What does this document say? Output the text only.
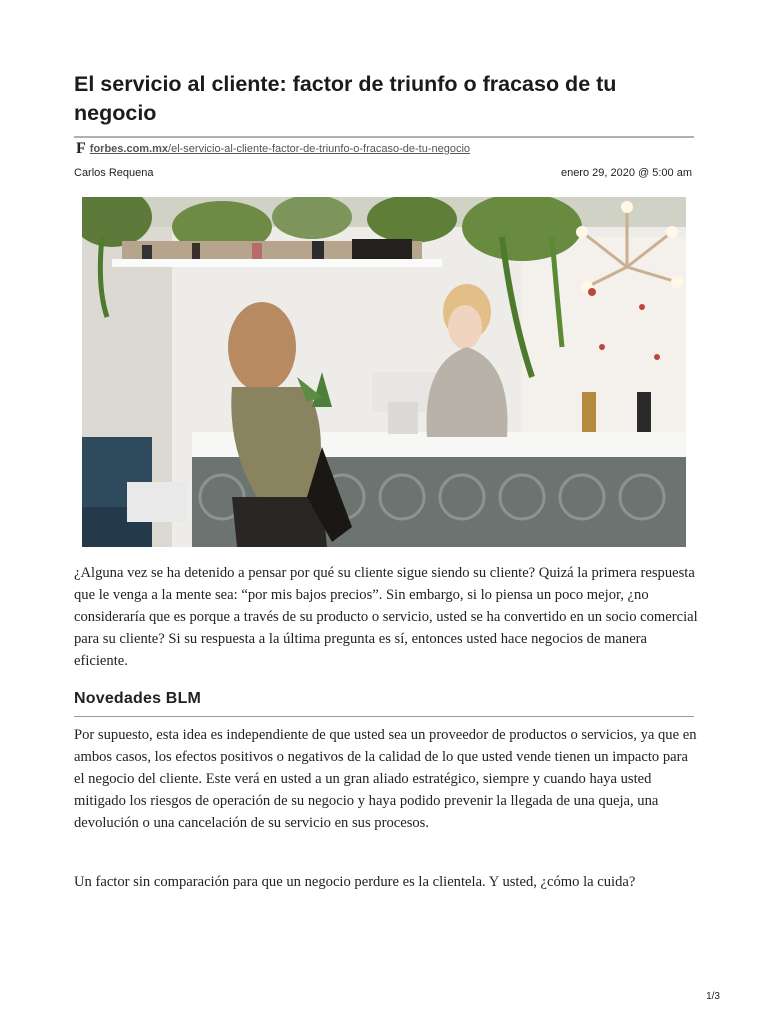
El servicio al cliente: factor de triunfo o fracaso de tu negocio
F forbes.com.mx/el-servicio-al-cliente-factor-de-triunfo-o-fracaso-de-tu-negocio
Carlos Requena	enero 29, 2020 @ 5:00 am

¿Alguna vez se ha detenido a pensar por qué su cliente sigue siendo su cliente? Quizá la primera respuesta que le venga a la mente sea: “por mis bajos precios”. Sin embargo, si lo piensa un poco mejor, ¿no consideraría que es porque a través de su producto o servicio, usted se ha convertido en un socio comercial para su cliente? Si su respuesta a la última pregunta es sí, entonces usted hace negocios de manera eficiente.

Novedades BLM

Por supuesto, esta idea es independiente de que usted sea un proveedor de productos o servicios, ya que en ambos casos, los efectos positivos o negativos de la calidad de lo que usted vende tienen un impacto para el negocio del cliente. Este verá en usted a un gran aliado estratégico, siempre y cuando haya usted mitigado los riesgos de operación de su negocio y haya podido prevenir la llegada de una queja, una devolución o una cancelación de su servicio en sus procesos.

Un factor sin comparación para que un negocio perdure es la clientela. Y usted, ¿cómo la cuida?

1/3
